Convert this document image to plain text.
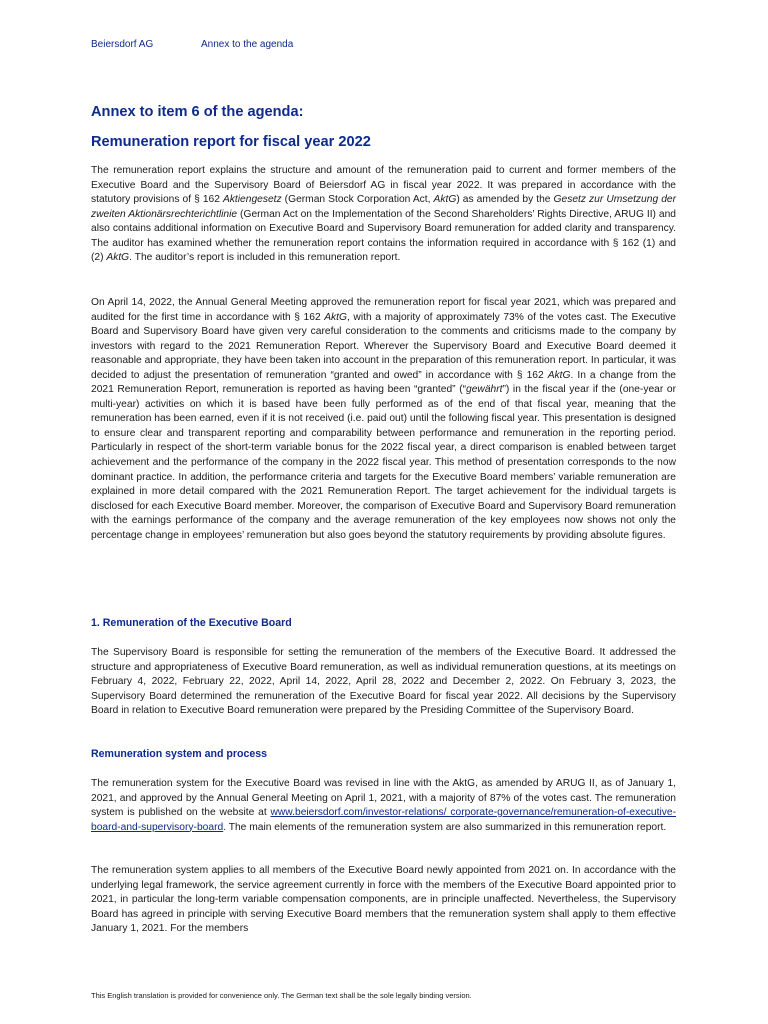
Beiersdorf AG	Annex to the agenda
Annex to item 6 of the agenda:
Remuneration report for fiscal year 2022

The remuneration report explains the structure and amount of the remuneration paid to current and former members of the Executive Board and the Supervisory Board of Beiersdorf AG in fiscal year 2022. It was prepared in accordance with the statutory provisions of § 162 Aktiengesetz (German Stock Corporation Act, AktG) as amended by the Gesetz zur Umsetzung der zweiten Aktionärsrechterichtlinie (German Act on the Implementation of the Second Shareholders’ Rights Directive, ARUG II) and also contains additional information on Executive Board and Supervisory Board remuneration for added clarity and transparency. The auditor has examined whether the remuneration report contains the information required in accordance with § 162 (1) and (2) AktG. The auditor’s report is included in this remuneration report.

On April 14, 2022, the Annual General Meeting approved the remuneration report for fiscal year 2021, which was prepared and audited for the first time in accordance with § 162 AktG, with a majority of approximately 73% of the votes cast. The Executive Board and Supervisory Board have given very careful consideration to the comments and criticisms made to the company by investors with regard to the 2021 Remuneration Report. Wherever the Supervisory Board and Executive Board deemed it reasonable and appropriate, they have been taken into account in the preparation of this remuneration report. In particular, it was decided to adjust the presentation of remuneration “granted and owed” in accordance with § 162 AktG. In a change from the 2021 Remuneration Report, remuneration is reported as having been “granted” (“gewährt”) in the fiscal year if the (one-year or multi-year) activities on which it is based have been fully performed as of the end of that fiscal year, meaning that the remuneration has been earned, even if it is not received (i.e. paid out) until the following fiscal year. This presentation is designed to ensure clear and transparent reporting and comparability between performance and remuneration in the reporting period. Particularly in respect of the short-term variable bonus for the 2022 fiscal year, a direct comparison is enabled between target achievement and the performance of the company in the 2022 fiscal year. This method of presentation corresponds to the now dominant practice. In addition, the performance criteria and targets for the Executive Board members’ variable remuneration are explained in more detail compared with the 2021 Remuneration Report. The target achievement for the individual targets is disclosed for each Executive Board member. Moreover, the comparison of Executive Board and Supervisory Board remuneration with the earnings performance of the company and the average remuneration of the key employees now shows not only the percentage change in employees’ remuneration but also goes beyond the statutory requirements by providing absolute figures.

1. Remuneration of the Executive Board

The Supervisory Board is responsible for setting the remuneration of the members of the Executive Board. It addressed the structure and appropriateness of Executive Board remuneration, as well as individual remuneration questions, at its meetings on February 4, 2022, February 22, 2022, April 14, 2022, April 28, 2022 and December 2, 2022. On February 3, 2023, the Supervisory Board determined the remuneration of the Executive Board for fiscal year 2022. All decisions by the Supervisory Board in relation to Executive Board remuneration were prepared by the Presiding Committee of the Supervisory Board.

Remuneration system and process

The remuneration system for the Executive Board was revised in line with the AktG, as amended by ARUG II, as of January 1, 2021, and approved by the Annual General Meeting on April 1, 2021, with a majority of 87% of the votes cast. The remuneration system is published on the website at www.beiersdorf.com/investor-relations/ corporate-governance/remuneration-of-executive-board-and-supervisory-board. The main elements of the remuneration system are also summarized in this remuneration report.

The remuneration system applies to all members of the Executive Board newly appointed from 2021 on. In accordance with the underlying legal framework, the service agreement currently in force with the members of the Executive Board appointed prior to 2021, in particular the long-term variable compensation components, are in principle unaffected. Nevertheless, the Supervisory Board has agreed in principle with serving Executive Board members that the remuneration system shall apply to them effective January 1, 2021. For the members

This English translation is provided for convenience only. The German text shall be the sole legally binding version.
